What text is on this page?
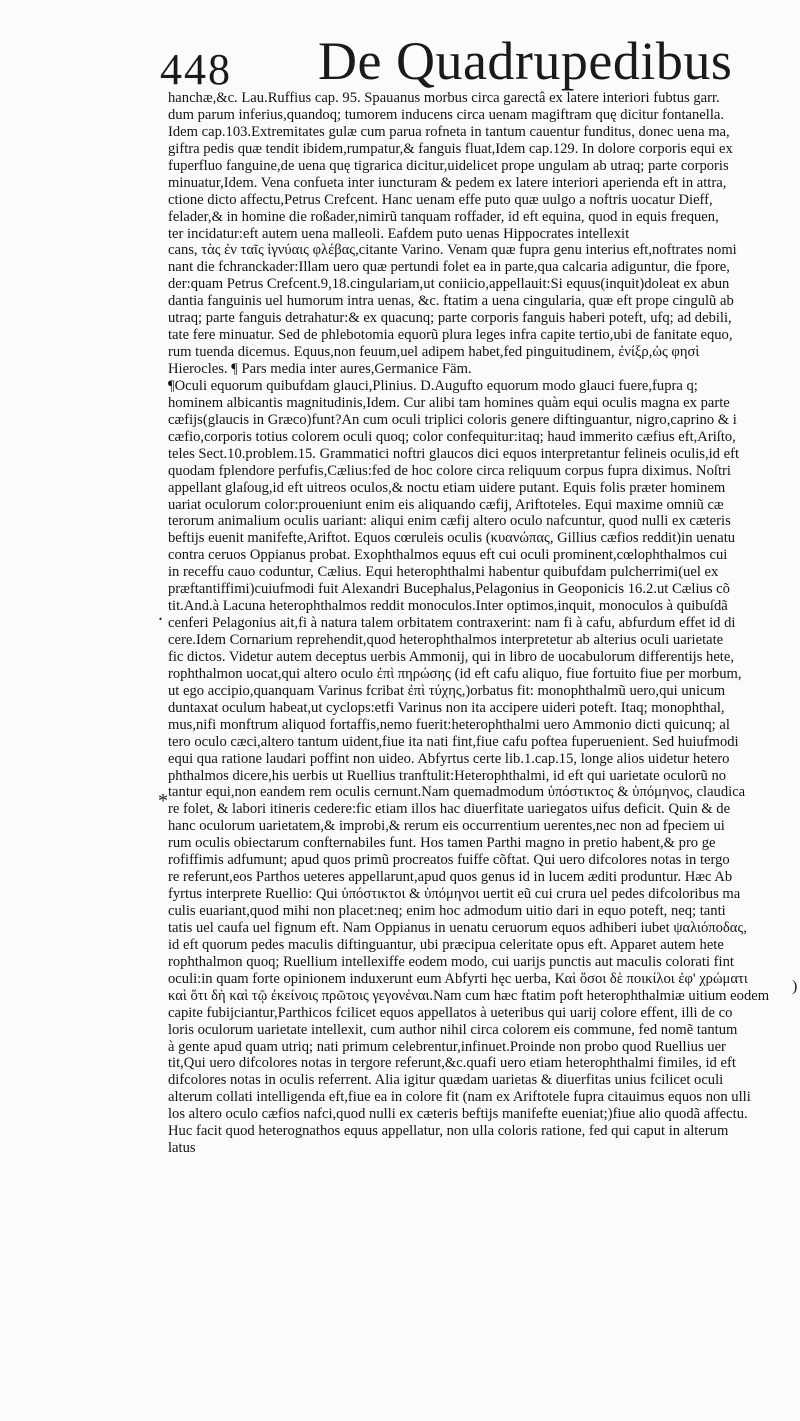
448 De Quadrupedibus
.
*
)
hanchæ,&c. Lau.Ruffius cap. 95. Spauanus morbus circa garectâ ex latere interiori fubtus garr.
dum parum inferius,quandoq; tumorem inducens circa uenam magiftram quę dicitur fontanella.
Idem cap.103.Extremitates gulæ cum parua rofneta in tantum cauentur funditus, donec uena ma,
giftra pedis quæ tendit ibidem,rumpatur,& fanguis fluat,Idem cap.129. In dolore corporis equi ex
fuperfluo fanguine,de uena quę tigrarica dicitur,uidelicet prope ungulam ab utraq; parte corporis
minuatur,Idem. Vena confueta inter iuncturam & pedem ex latere interiori aperienda eft in attra,
ctione dicto affectu,Petrus Crefcent. Hanc uenam effe puto quæ uulgo a noftris uocatur Dieff,
felader,& in homine die roßader,nimirũ tanquam roffader, id eft equina, quod in equis frequen,
ter incidatur:eft autem uena malleoli. Eafdem puto uenas Hippocrates intellexit
cans, τὰς ἐν ταῖς ἰγνύαις φλέβας,citante Varino. Venam quæ fupra genu interius eft,noftrates nomi
nant die fchranckader:Illam uero quæ pertundi folet ea in parte,qua calcaria adiguntur, die fpore,
der:quam Petrus Crefcent.9,18.cingulariam,ut coniicio,appellauit:Si equus(inquit)doleat ex abun
dantia fanguinis uel humorum intra uenas, &c. ftatim a uena cingularia, quæ eft prope cingulũ ab
utraq; parte fanguis detrahatur:& ex quacunq; parte corporis fanguis haberi poteft, ufq; ad debili,
tate fere minuatur. Sed de phlebotomia equorũ plura leges infra capite tertio,ubi de fanitate equo,
rum tuenda dicemus. Equus,non feuum,uel adipem habet,fed pinguitudinem, ἐνίξρ,ὡς φησὶ
Hierocles. ¶ Pars media inter aures,Germanice Fäm.
¶Oculi equorum quibufdam glauci,Plinius. D.Augufto equorum modo glauci fuere,fupra q;
hominem albicantis magnitudinis,Idem. Cur alibi tam homines quàm equi oculis magna ex parte
cæfijs(glaucis in Græco)funt?An cum oculi triplici coloris genere diftinguantur, nigro,caprino & i
cæfio,corporis totius colorem oculi quoq; color confequitur:itaq; haud immerito cæfius eft,Ariſto,
teles Sect.10.problem.15. Grammatici noftri glaucos dici equos interpretantur felineis oculis,id eft
quodam fplendore perfufis,Cælius:fed de hoc colore circa reliquum corpus fupra diximus. Noſtri
appellant glaſoug,id eft uitreos oculos,& noctu etiam uidere putant. Equis folis præter hominem
uariat oculorum color:proueniunt enim eis aliquando cæfij, Ariftoteles. Equi maxime omniũ cæ
terorum animalium oculis uariant: aliqui enim cæfij altero oculo nafcuntur, quod nulli ex cæteris
beftijs euenit manifefte,Ariftot. Equos cœruleis oculis (κυανώπας, Gillius cæfios reddit)in uenatu
contra ceruos Oppianus probat. Exophthalmos equus eft cui oculi prominent,cœlophthalmos cui
in receffu cauo coduntur, Cælius. Equi heterophthalmi habentur quibufdam pulcherrimi(uel ex
præftantiffimi)cuiufmodi fuit Alexandri Bucephalus,Pelagonius in Geoponicis 16.2.ut Cælius cõ
tit.And.à Lacuna heterophthalmos reddit monoculos.Inter optimos,inquit, monoculos à quibuſdã
cenferi Pelagonius ait,fi à natura talem orbitatem contraxerint: nam fi à cafu, abfurdum effet id di
cere.Idem Cornarium reprehendit,quod heterophthalmos interpretetur ab alterius oculi uarietate
fic dictos. Videtur autem deceptus uerbis Ammonij, qui in libro de uocabulorum differentijs hete,
rophthalmon uocat,qui altero oculo ἐπὶ πηρώσης (id eft cafu aliquo, fiue fortuito fiue per morbum,
ut ego accipio,quanquam Varinus fcribat ἐπὶ τύχης,)orbatus fit: monophthalmũ uero,qui unicum
duntaxat oculum habeat,ut cyclops:etfi Varinus non ita accipere uideri poteft. Itaq; monophthal,
mus,nifi monftrum aliquod fortaffis,nemo fuerit:heterophthalmi uero Ammonio dicti quicunq; al
tero oculo cæci,altero tantum uident,fiue ita nati fint,fiue cafu poftea fuperuenient. Sed huiufmodi
equi qua ratione laudari poffint non uideo. Abfyrtus certe lib.1.cap.15, longe alios uidetur hetero
phthalmos dicere,his uerbis ut Ruellius tranftulit:Heterophthalmi, id eft qui uarietate oculorũ no
tantur equi,non eandem rem oculis cernunt.Nam quemadmodum ὑπόστικτος & ὑπόμηνος, claudica
re folet, & labori itineris cedere:fic etiam illos hac diuerfitate uariegatos uifus deficit. Quin & de
hanc oculorum uarietatem,& improbi,& rerum eis occurrentium uerentes,nec non ad fpeciem ui
rum oculis obiectarum confternabiles funt. Hos tamen Parthi magno in pretio habent,& pro ge
rofiffimis adfumunt; apud quos primũ procreatos fuiffe cõftat. Qui uero difcolores notas in tergo
re referunt,eos Parthos ueteres appellarunt,apud quos genus id in lucem æditi produntur. Hæc Ab
fyrtus interprete Ruellio: Qui ὑπόστικτοι & ὑπόμηνοι uertit eũ cui crura uel pedes difcoloribus ma
culis euariant,quod mihi non placet:neq; enim hoc admodum uitio dari in equo poteft, neq; tanti
tatis uel caufa uel fignum eft. Nam Oppianus in uenatu ceruorum equos adhiberi iubet ψαλιόποδας,
id eft quorum pedes maculis diftinguantur, ubi præcipua celeritate opus eft. Apparet autem hete
rophthalmon quoq; Ruellium intellexiffe eodem modo, cui uarijs punctis aut maculis colorati fint
oculi:in quam forte opinionem induxerunt eum Abfyrti hęc uerba, Καὶ ὅσοι δὲ ποικίλοι ἐφ' χρώματι
καὶ ὅτι δὴ καὶ τῷ ἐκείνοις πρῶτοις γεγονέναι.Nam cum hæc ftatim poft heterophthalmiæ uitium eodem
capite fubijciantur,Parthicos fcilicet equos appellatos à ueteribus qui uarij colore effent, illi de co
loris oculorum uarietate intellexit, cum author nihil circa colorem eis commune, fed nomẽ tantum
à gente apud quam utriq; nati primum celebrentur,infinuet.Proinde non probo quod Ruellius uer
tit,Qui uero difcolores notas in tergore referunt,&c.quafi uero etiam heterophthalmi fimiles, id eft
difcolores notas in oculis referrent. Alia igitur quædam uarietas & diuerfitas unius fcilicet oculi
alterum collati intelligenda eft,fiue ea in colore fit (nam ex Ariftotele fupra citauimus equos non ulli
los altero oculo cæfios nafci,quod nulli ex cæteris beftijs manifefte eueniat;)fiue alio quodã affectu.
Huc facit quod heterognathos equus appellatur, non ulla coloris ratione, fed qui caput in alterum
latus
